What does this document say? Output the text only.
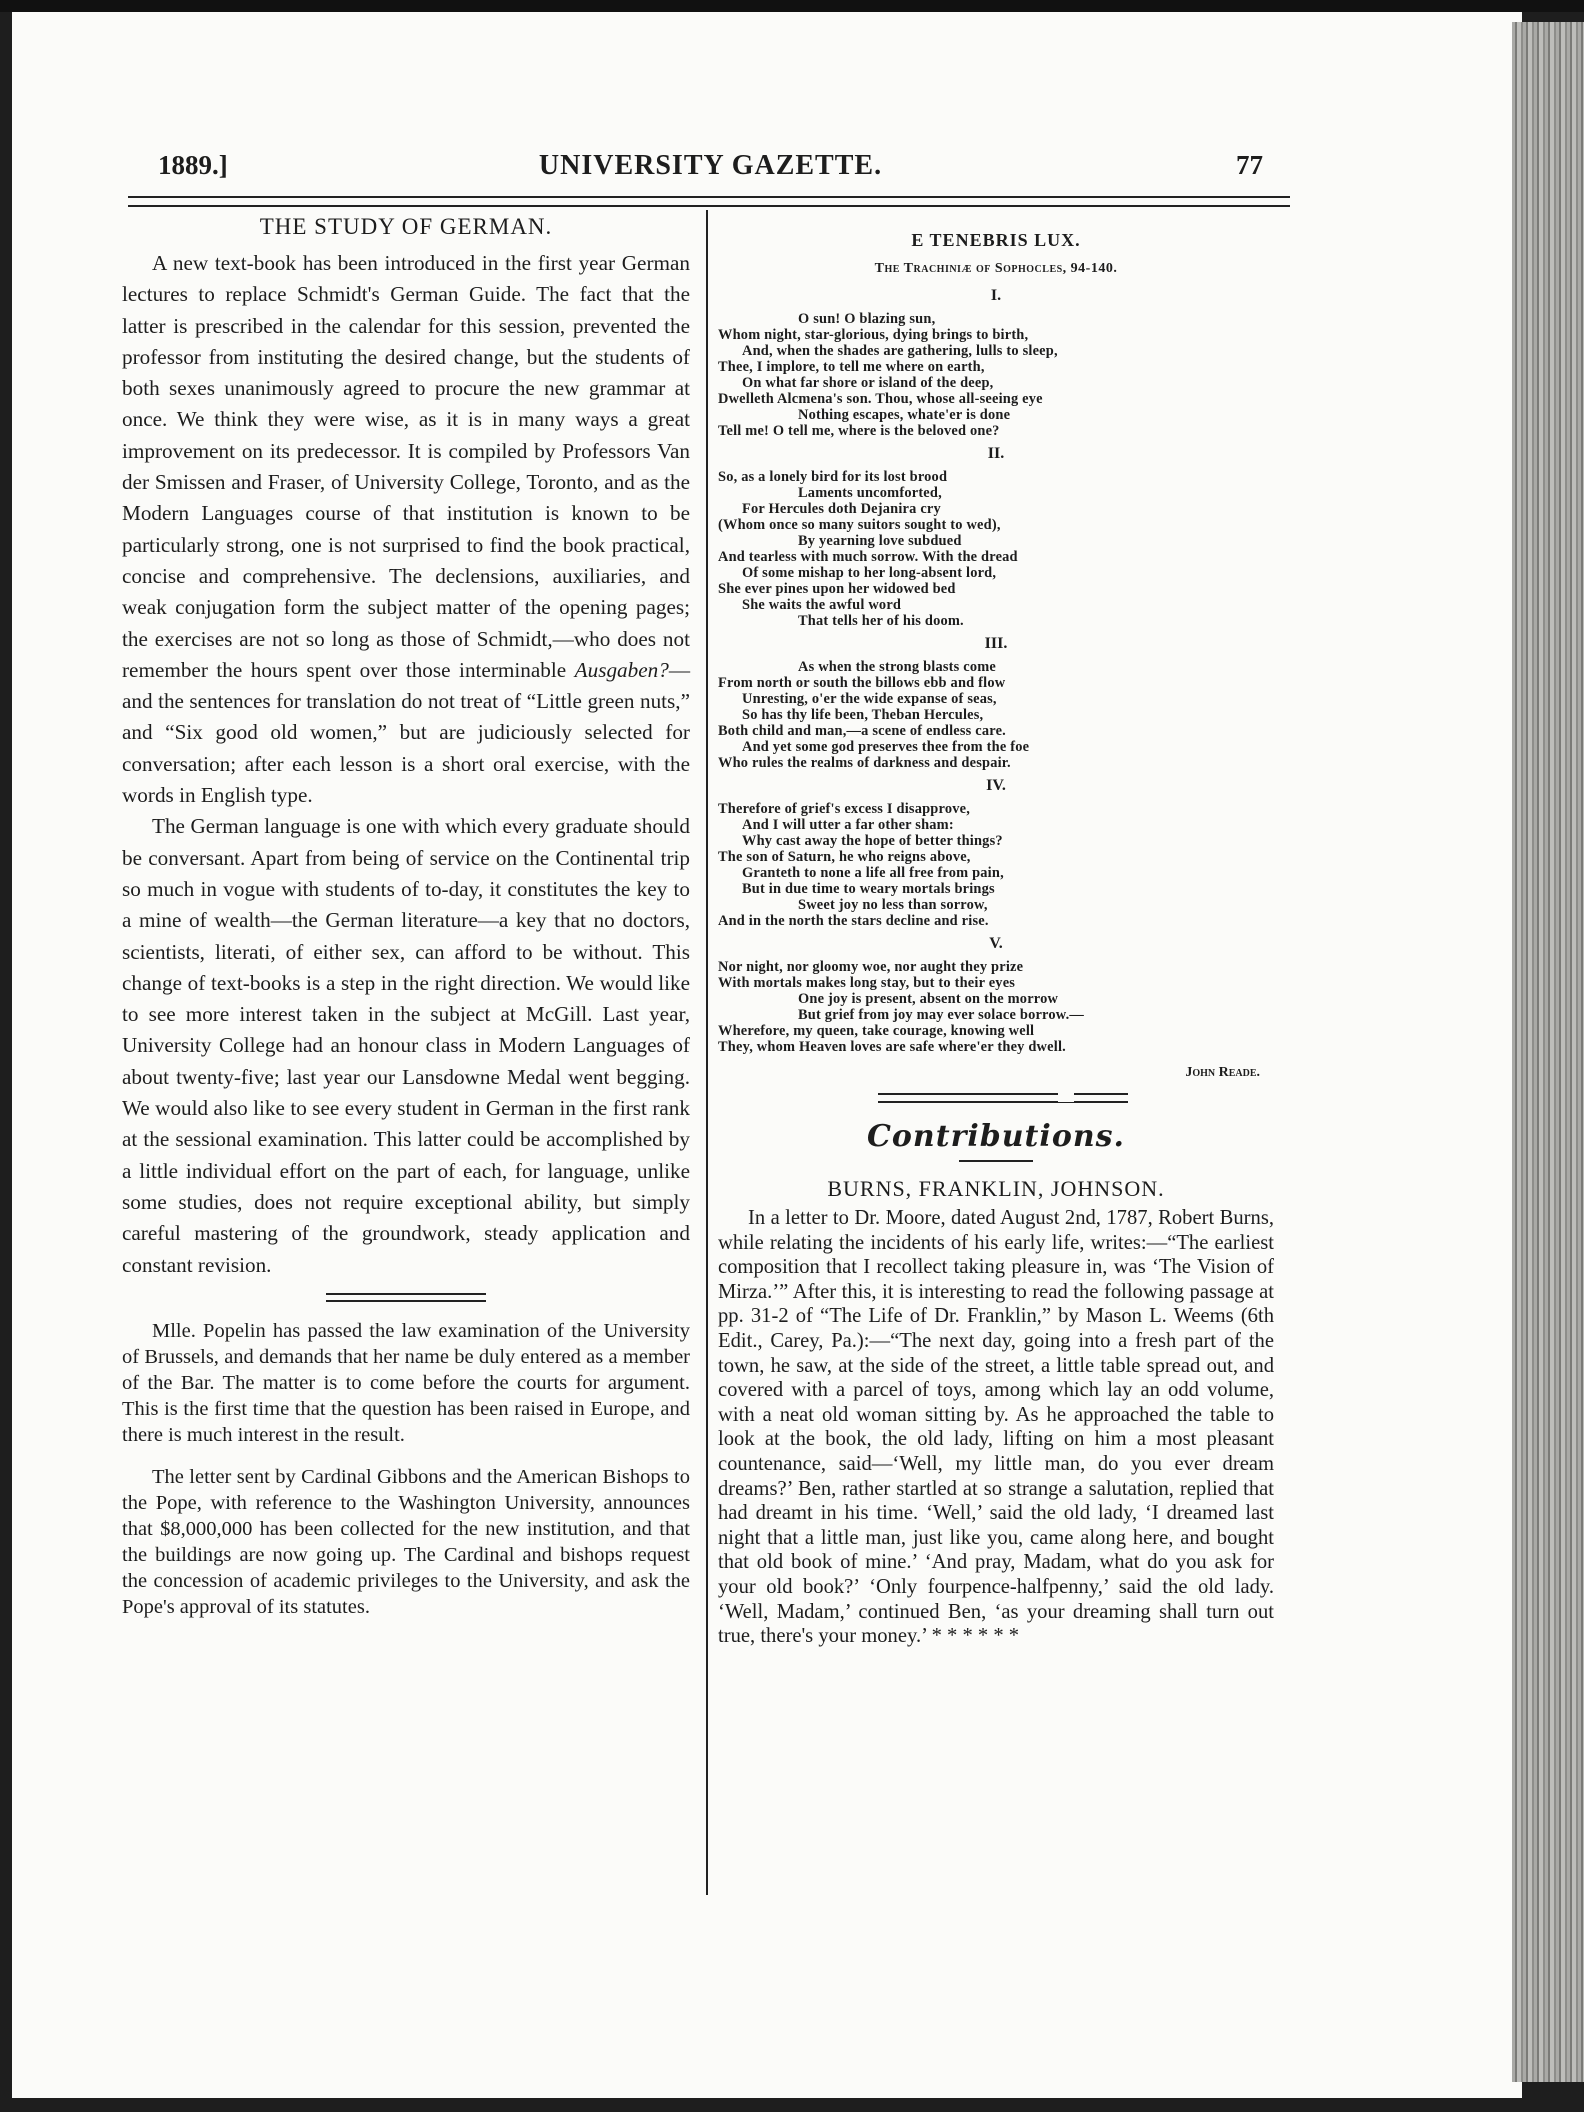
1889.]	UNIVERSITY GAZETTE.	77
THE STUDY OF GERMAN.

A new text-book has been introduced in the first year German lectures to replace Schmidt's German Guide. The fact that the latter is prescribed in the calendar for this session, prevented the professor from instituting the desired change, but the students of both sexes unanimously agreed to procure the new grammar at once. We think they were wise, as it is in many ways a great improvement on its predecessor. It is compiled by Professors Van der Smissen and Fraser, of University College, Toronto, and as the Modern Languages course of that institution is known to be particularly strong, one is not surprised to find the book practical, concise and comprehensive. The declensions, auxiliaries, and weak conjugation form the subject matter of the opening pages; the exercises are not so long as those of Schmidt,—who does not remember the hours spent over those interminable Ausgaben?—and the sentences for translation do not treat of “Little green nuts,” and “Six good old women,” but are judiciously selected for conversation; after each lesson is a short oral exercise, with the words in English type.

The German language is one with which every graduate should be conversant. Apart from being of service on the Continental trip so much in vogue with students of to-day, it constitutes the key to a mine of wealth—the German literature—a key that no doctors, scientists, literati, of either sex, can afford to be without. This change of text-books is a step in the right direction. We would like to see more interest taken in the subject at McGill. Last year, University College had an honour class in Modern Languages of about twenty-five; last year our Lansdowne Medal went begging. We would also like to see every student in German in the first rank at the sessional examination. This latter could be accomplished by a little individual effort on the part of each, for language, unlike some studies, does not require exceptional ability, but simply careful mastering of the groundwork, steady application and constant revision.

Mlle. Popelin has passed the law examination of the University of Brussels, and demands that her name be duly entered as a member of the Bar. The matter is to come before the courts for argument. This is the first time that the question has been raised in Europe, and there is much interest in the result.

The letter sent by Cardinal Gibbons and the American Bishops to the Pope, with reference to the Washington University, announces that $8,000,000 has been collected for the new institution, and that the buildings are now going up. The Cardinal and bishops request the concession of academic privileges to the University, and ask the Pope's approval of its statutes.

E TENEBRIS LUX.
The Trachiniæ of Sophocles, 94-140.
I.
O sun! O blazing sun,
Whom night, star-glorious, dying brings to birth,
And, when the shades are gathering, lulls to sleep,
Thee, I implore, to tell me where on earth,
On what far shore or island of the deep,
Dwelleth Alcmena's son. Thou, whose all-seeing eye
Nothing escapes, whate'er is done
Tell me! O tell me, where is the beloved one?
II.
So, as a lonely bird for its lost brood
Laments uncomforted,
For Hercules doth Dejanira cry
(Whom once so many suitors sought to wed),
By yearning love subdued
And tearless with much sorrow. With the dread
Of some mishap to her long-absent lord,
She ever pines upon her widowed bed
She waits the awful word
That tells her of his doom.
III.
As when the strong blasts come
From north or south the billows ebb and flow
Unresting, o'er the wide expanse of seas,
So has thy life been, Theban Hercules,
Both child and man,—a scene of endless care.
And yet some god preserves thee from the foe
Who rules the realms of darkness and despair.
IV.
Therefore of grief's excess I disapprove,
And I will utter a far other sham:
Why cast away the hope of better things?
The son of Saturn, he who reigns above,
Granteth to none a life all free from pain,
But in due time to weary mortals brings
Sweet joy no less than sorrow,
And in the north the stars decline and rise.
V.
Nor night, nor gloomy woe, nor aught they prize
With mortals makes long stay, but to their eyes
One joy is present, absent on the morrow
But grief from joy may ever solace borrow.—
Wherefore, my queen, take courage, knowing well
They, whom Heaven loves are safe where'er they dwell.
John Reade.
Contributions.
BURNS, FRANKLIN, JOHNSON.

In a letter to Dr. Moore, dated August 2nd, 1787, Robert Burns, while relating the incidents of his early life, writes:—“The earliest composition that I recollect taking pleasure in, was ‘The Vision of Mirza.’” After this, it is interesting to read the following passage at pp. 31-2 of “The Life of Dr. Franklin,” by Mason L. Weems (6th Edit., Carey, Pa.):—“The next day, going into a fresh part of the town, he saw, at the side of the street, a little table spread out, and covered with a parcel of toys, among which lay an odd volume, with a neat old woman sitting by. As he approached the table to look at the book, the old lady, lifting on him a most pleasant countenance, said—‘Well, my little man, do you ever dream dreams?’ Ben, rather startled at so strange a salutation, replied that had dreamt in his time. ‘Well,’ said the old lady, ‘I dreamed last night that a little man, just like you, came along here, and bought that old book of mine.’ ‘And pray, Madam, what do you ask for your old book?’ ‘Only fourpence-halfpenny,’ said the old lady. ‘Well, Madam,’ continued Ben, ‘as your dreaming shall turn out true, there's your money.’ * * * * * *
